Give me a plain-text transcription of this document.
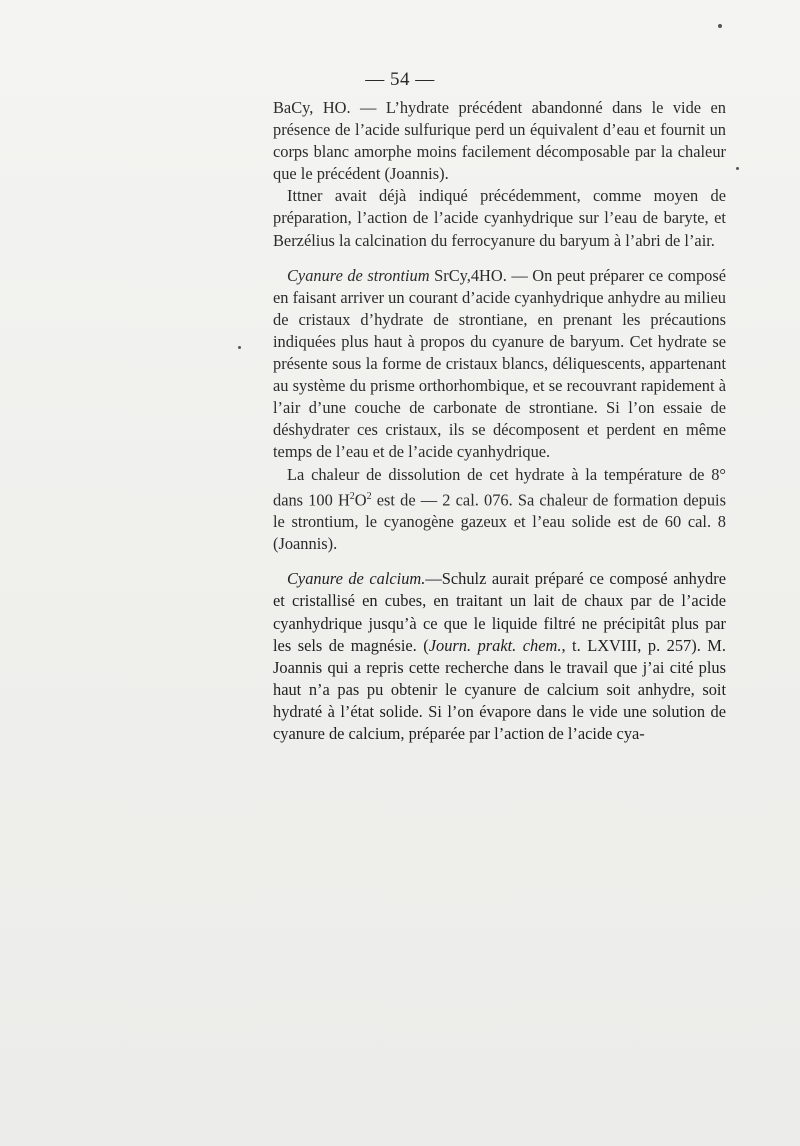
— 54 —

BaCy, HO. — L’hydrate précédent abandonné dans le vide en présence de l’acide sulfurique perd un équivalent d’eau et fournit un corps blanc amorphe moins facilement décomposable par la chaleur que le précédent (Joannis).

Ittner avait déjà indiqué précédemment, comme moyen de préparation, l’action de l’acide cyanhydrique sur l’eau de baryte, et Berzélius la calcination du ferrocyanure du baryum à l’abri de l’air.

Cyanure de strontium SrCy,4HO. — On peut préparer ce composé en faisant arriver un courant d’acide cyanhydrique anhydre au milieu de cristaux d’hydrate de strontiane, en prenant les précautions indiquées plus haut à propos du cyanure de baryum. Cet hydrate se présente sous la forme de cristaux blancs, déliquescents, appartenant au système du prisme orthorhombique, et se recouvrant rapidement à l’air d’une couche de carbonate de strontiane. Si l’on essaie de déshydrater ces cristaux, ils se décomposent et perdent en même temps de l’eau et de l’acide cyanhydrique.

La chaleur de dissolution de cet hydrate à la température de 8° dans 100 $H^2O^2$ est de — 2 cal. 076. Sa chaleur de formation depuis le strontium, le cyanogène gazeux et l’eau solide est de 60 cal. 8 (Joannis).

Cyanure de calcium.—Schulz aurait préparé ce composé anhydre et cristallisé en cubes, en traitant un lait de chaux par de l’acide cyanhydrique jusqu’à ce que le liquide filtré ne précipitât plus par les sels de magnésie. (Journ. prakt. chem., t. LXVIII, p. 257). M. Joannis qui a repris cette recherche dans le travail que j’ai cité plus haut n’a pas pu obtenir le cyanure de calcium soit anhydre, soit hydraté à l’état solide. Si l’on évapore dans le vide une solution de cyanure de calcium, préparée par l’action de l’acide cya-
